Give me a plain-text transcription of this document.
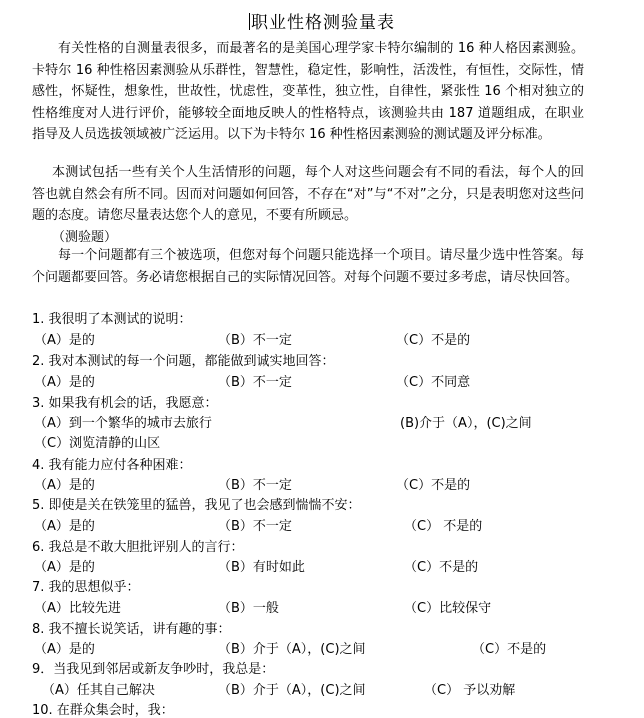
职业性格测验量表
有关性格的自测量表很多，而最著名的是美国心理学家卡特尔编制的 16 种人格因素测验。卡特尔 16 种性格因素测验从乐群性，智慧性，稳定性，影响性，活泼性，有恒性，交际性，情感性，怀疑性，想象性，世故性，忧虑性，变革性，独立性，自律性，紧张性 16 个相对独立的性格维度对人进行评价，能够较全面地反映人的性格特点，该测验共由 187 道题组成，在职业指导及人员选拔领域被广泛运用。以下为卡特尔 16 种性格因素测验的测试题及评分标准。
本测试包括一些有关个人生活情形的问题，每个人对这些问题会有不同的看法，每个人的回答也就自然会有所不同。因而对问题如何回答，不存在“对”与“不对”之分，只是表明您对这些问题的态度。请您尽量表达您个人的意见，不要有所顾忌。
（测验题）
每一个问题都有三个被选项，但您对每个问题只能选择一个项目。请尽量少选中性答案。每个问题都要回答。务必请您根据自己的实际情况回答。对每个问题不要过多考虑，请尽快回答。
1. 我很明了本测试的说明：
（A）是的	（B）不一定	（C）不是的
2. 我对本测试的每一个问题，都能做到诚实地回答：
（A）是的	（B）不一定	（C）不同意
3. 如果我有机会的话，我愿意：
（A）到一个繁华的城市去旅行	(B)介于（A），(C)之间
（C）浏览清静的山区
4. 我有能力应付各种困难：
（A）是的	（B）不一定	（C）不是的
5. 即使是关在铁笼里的猛兽，我见了也会感到惴惴不安：
（A）是的	（B）不一定	（C） 不是的
6. 我总是不敢大胆批评别人的言行：
（A）是的	（B）有时如此	（C）不是的
7. 我的思想似乎：
（A）比较先进	（B）一般	（C）比较保守
8. 我不擅长说笑话，讲有趣的事：
（A）是的	（B）介于（A），(C)之间	（C）不是的
9．当我见到邻居或新友争吵时，我总是：
（A）任其自己解决	（B）介于（A），(C)之间	（C） 予以劝解
10. 在群众集会时，我：
